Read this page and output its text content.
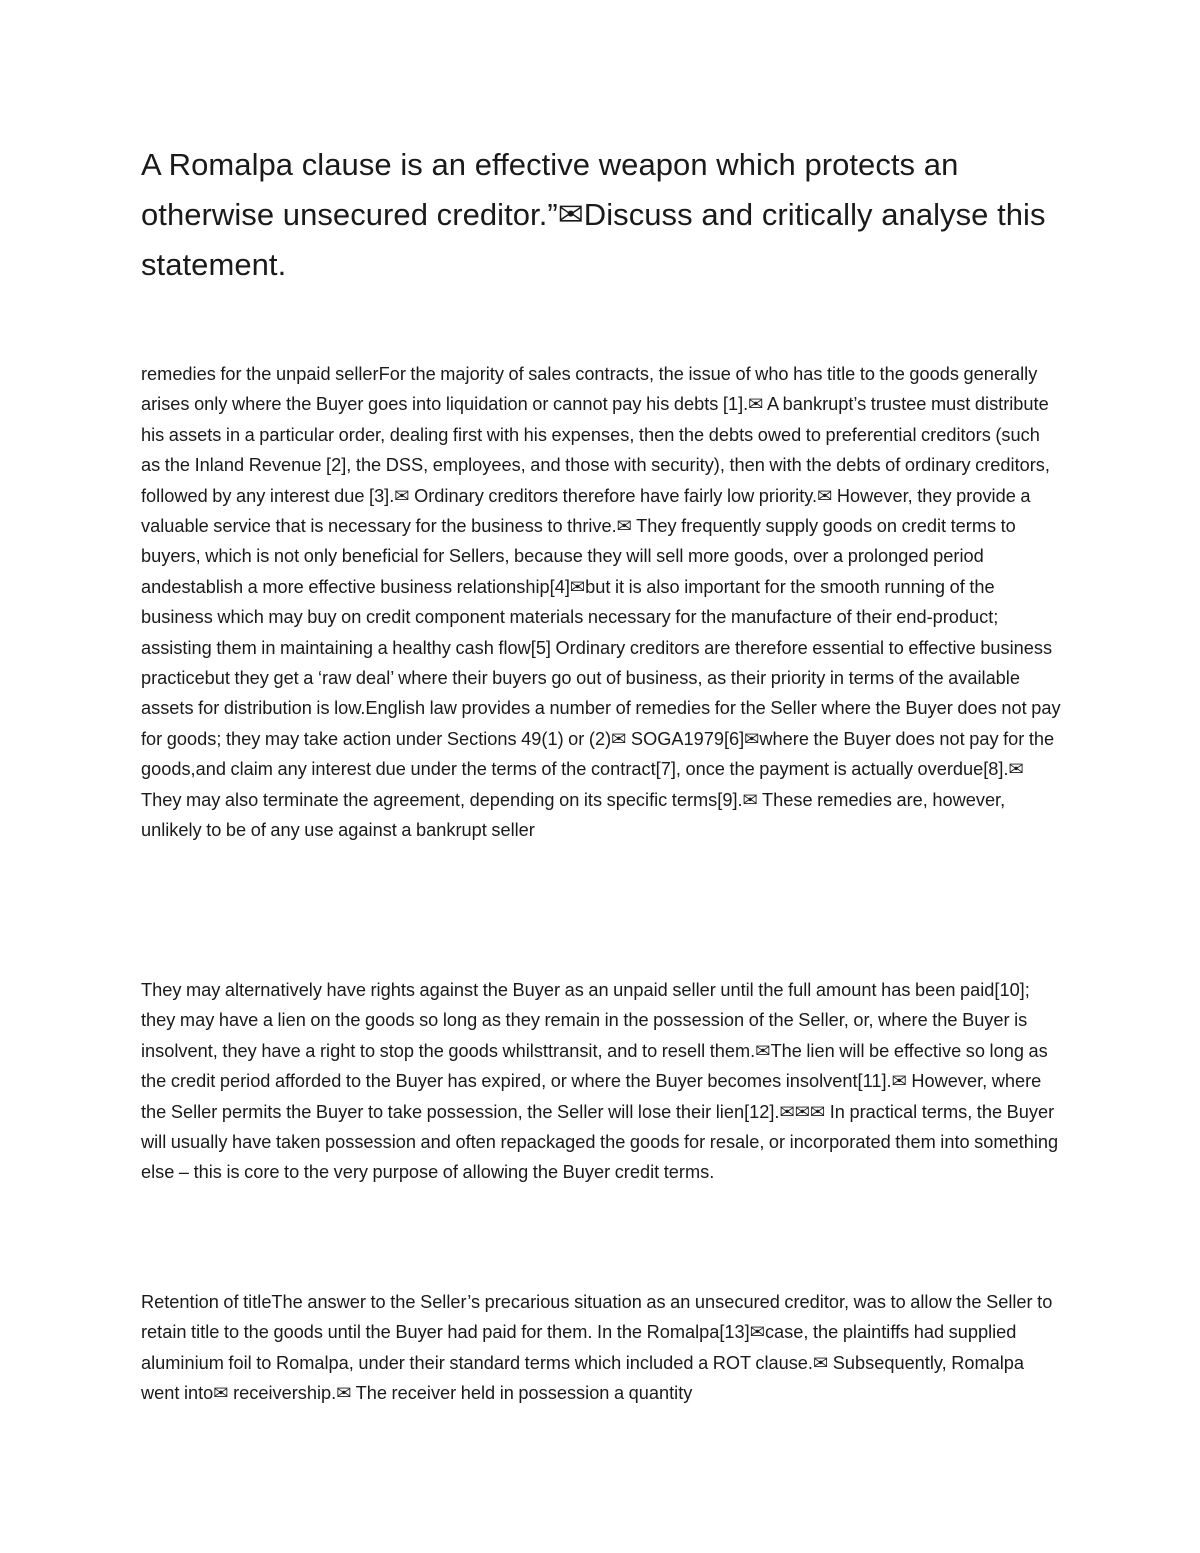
A Romalpa clause is an effective weapon which protects an otherwise unsecured creditor.”✉Discuss and critically analyse this statement.

remedies for the unpaid sellerFor the majority of sales contracts, the issue of who has title to the goods generally arises only where the Buyer goes into liquidation or cannot pay his debts [1].✉ A bankrupt’s trustee must distribute his assets in a particular order, dealing first with his expenses, then the debts owed to preferential creditors (such as the Inland Revenue [2], the DSS, employees, and those with security), then with the debts of ordinary creditors, followed by any interest due [3].✉ Ordinary creditors therefore have fairly low priority.✉ However, they provide a valuable service that is necessary for the business to thrive.✉ They frequently supply goods on credit terms to buyers, which is not only beneficial for Sellers, because they will sell more goods, over a prolonged period andestablish a more effective business relationship[4]✉but it is also important for the smooth running of the business which may buy on credit component materials necessary for the manufacture of their end-product; assisting them in maintaining a healthy cash flow[5] Ordinary creditors are therefore essential to effective business practicebut they get a ‘raw deal’ where their buyers go out of business, as their priority in terms of the available assets for distribution is low.English law provides a number of remedies for the Seller where the Buyer does not pay for goods; they may take action under Sections 49(1) or (2)✉ SOGA1979[6]✉where the Buyer does not pay for the goods,and claim any interest due under the terms of the contract[7], once the payment is actually overdue[8].✉They may also terminate the agreement, depending on its specific terms[9].✉ These remedies are, however, unlikely to be of any use against a bankrupt seller

They may alternatively have rights against the Buyer as an unpaid seller until the full amount has been paid[10]; they may have a lien on the goods so long as they remain in the possession of the Seller, or, where the Buyer is insolvent, they have a right to stop the goods whilsttransit, and to resell them.✉The lien will be effective so long as the credit period afforded to the Buyer has expired, or where the Buyer becomes insolvent[11].✉ However, where the Seller permits the Buyer to take possession, the Seller will lose their lien[12].✉✉✉ In practical terms, the Buyer will usually have taken possession and often repackaged the goods for resale, or incorporated them into something else – this is core to the very purpose of allowing the Buyer credit terms.

Retention of titleThe answer to the Seller’s precarious situation as an unsecured creditor, was to allow the Seller to retain title to the goods until the Buyer had paid for them. In the Romalpa[13]✉case, the plaintiffs had supplied aluminium foil to Romalpa, under their standard terms which included a ROT clause.✉ Subsequently, Romalpa went into✉ receivership.✉ The receiver held in possession a quantity
